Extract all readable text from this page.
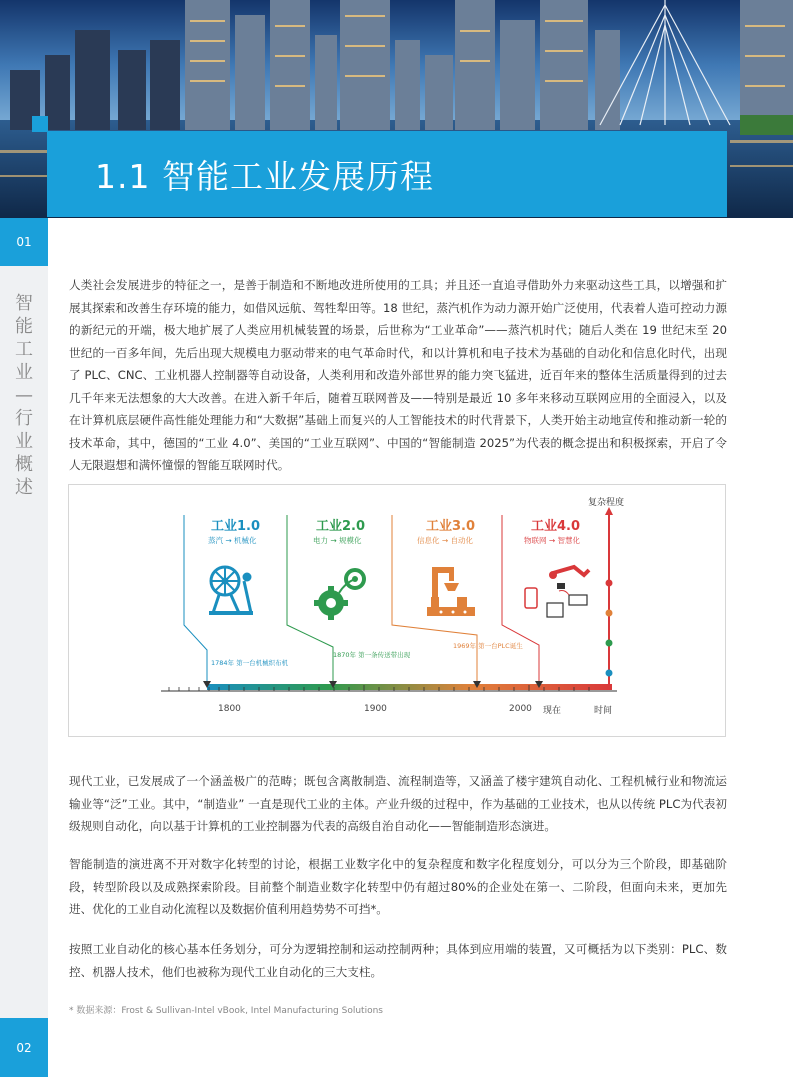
1.1 智能工业发展历程
01
智能工业—行业概述
02
人类社会发展进步的特征之一，是善于制造和不断地改进所使用的工具；并且还一直追寻借助外力来驱动这些工具，以增强和扩展其探索和改善生存环境的能力，如借风远航、驾牲犁田等。18 世纪，蒸汽机作为动力源开始广泛使用，代表着人造可控动力源的新纪元的开端，极大地扩展了人类应用机械装置的场景，后世称为“工业革命”——蒸汽机时代；随后人类在 19 世纪末至 20 世纪的一百多年间，先后出现大规模电力驱动带来的电气革命时代，和以计算机和电子技术为基础的自动化和信息化时代，出现了 PLC、CNC、工业机器人控制器等自动设备，人类利用和改造外部世界的能力突飞猛进，近百年来的整体生活质量得到的过去几千年来无法想象的大大改善。在进入新千年后，随着互联网普及——特别是最近 10 多年来移动互联网应用的全面浸入，以及在计算机底层硬件高性能处理能力和“大数据”基础上而复兴的人工智能技术的时代背景下，人类开始主动地宣传和推动新一轮的技术革命，其中，德国的“工业 4.0”、美国的“工业互联网”、中国的“智能制造 2025”为代表的概念提出和积极探索，开启了令人无限遐想和满怀憧憬的智能互联网时代。
工业1.0
蒸汽 → 机械化
工业2.0
电力 → 规模化
工业3.0
信息化 → 自动化
工业4.0
物联网 → 智慧化
1784年 第一台机械织布机
1870年 第一条传送带出现
1969年 第一台PLC诞生
1800	1900	2000 现在	时间
复杂程度
现代工业，已发展成了一个涵盖极广的范畴；既包含离散制造、流程制造等，又涵盖了楼宇建筑自动化、工程机械行业和物流运输业等“泛”工业。其中，“制造业” 一直是现代工业的主体。产业升级的过程中，作为基础的工业技术，也从以传统 PLC为代表初级规则自动化，向以基于计算机的工业控制器为代表的高级自治自动化——智能制造形态演进。
智能制造的演进离不开对数字化转型的讨论，根据工业数字化中的复杂程度和数字化程度划分，可以分为三个阶段，即基础阶段，转型阶段以及成熟探索阶段。目前整个制造业数字化转型中仍有超过80%的企业处在第一、二阶段，但面向未来，更加先进、优化的工业自动化流程以及数据价值利用趋势势不可挡*。
按照工业自动化的核心基本任务划分，可分为逻辑控制和运动控制两种；具体到应用端的装置，又可概括为以下类别：PLC、数控、机器人技术，他们也被称为现代工业自动化的三大支柱。
* 数据来源：Frost & Sullivan-Intel vBook, Intel Manufacturing Solutions
